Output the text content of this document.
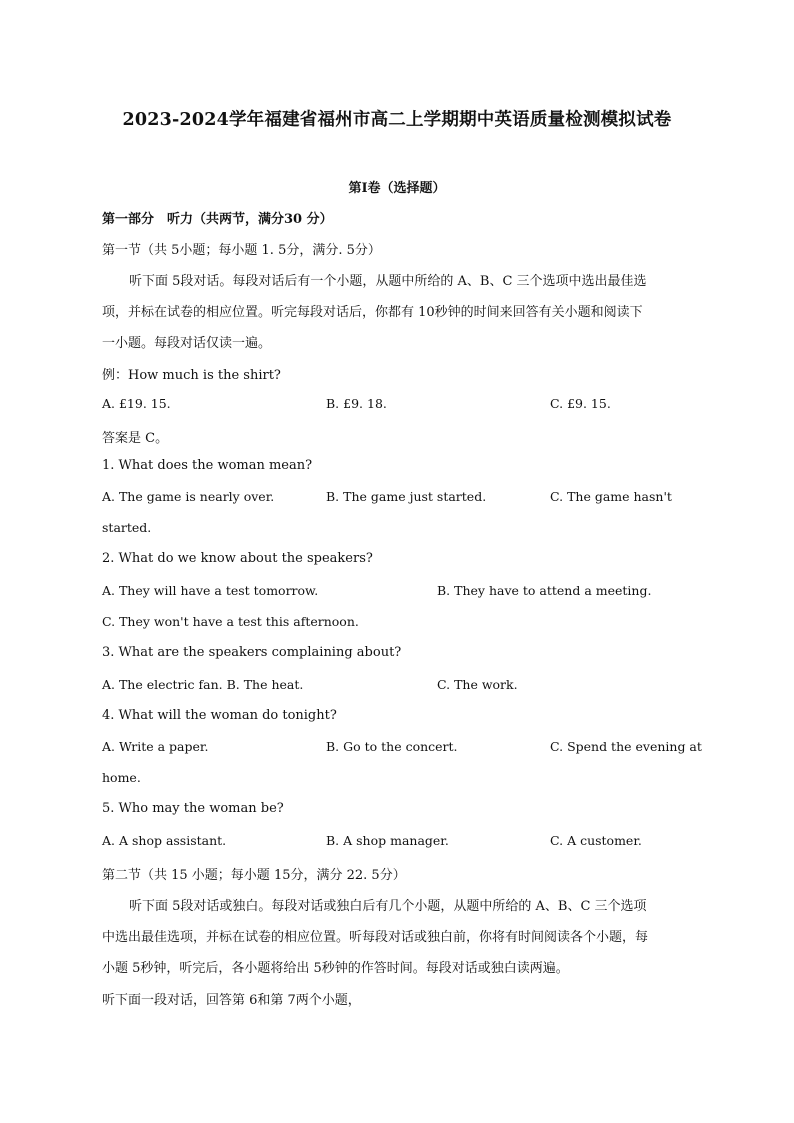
2023-2024学年福建省福州市高二上学期期中英语质量检测模拟试卷
第Ⅰ卷（选择题）
第一部分　听力（共两节，满分30 分）
第一节（共 5小题；每小题 1. 5分，满分. 5分）
听下面 5段对话。每段对话后有一个小题，从题中所给的 A、B、C 三个选项中选出最佳选
项，并标在试卷的相应位置。听完每段对话后，你都有 10秒钟的时间来回答有关小题和阅读下
一小题。每段对话仅读一遍。
例：How much is the shirt?
A. £19. 15.	B. £9. 18.	C. £9. 15.
答案是 C。
1. What does the woman mean?
A. The game is nearly over.	B. The game just started.	C. The game hasn't
started.
2. What do we know about the speakers?
A. They will have a test tomorrow.	B. They have to attend a meeting.
C. They won't have a test this afternoon.
3. What are the speakers complaining about?
A. The electric fan. B. The heat.	C. The work.
4. What will the woman do tonight?
A. Write a paper.	B. Go to the concert.	C. Spend the evening at
home.
5. Who may the woman be?
A. A shop assistant.	B. A shop manager.	C. A customer.
第二节（共 15 小题；每小题 15分，满分 22. 5分）
听下面 5段对话或独白。每段对话或独白后有几个小题，从题中所给的 A、B、C 三个选项
中选出最佳选项，并标在试卷的相应位置。听每段对话或独白前，你将有时间阅读各个小题，每
小题 5秒钟，听完后，各小题将给出 5秒钟的作答时间。每段对话或独白读两遍。
听下面一段对话，回答第 6和第 7两个小题，
